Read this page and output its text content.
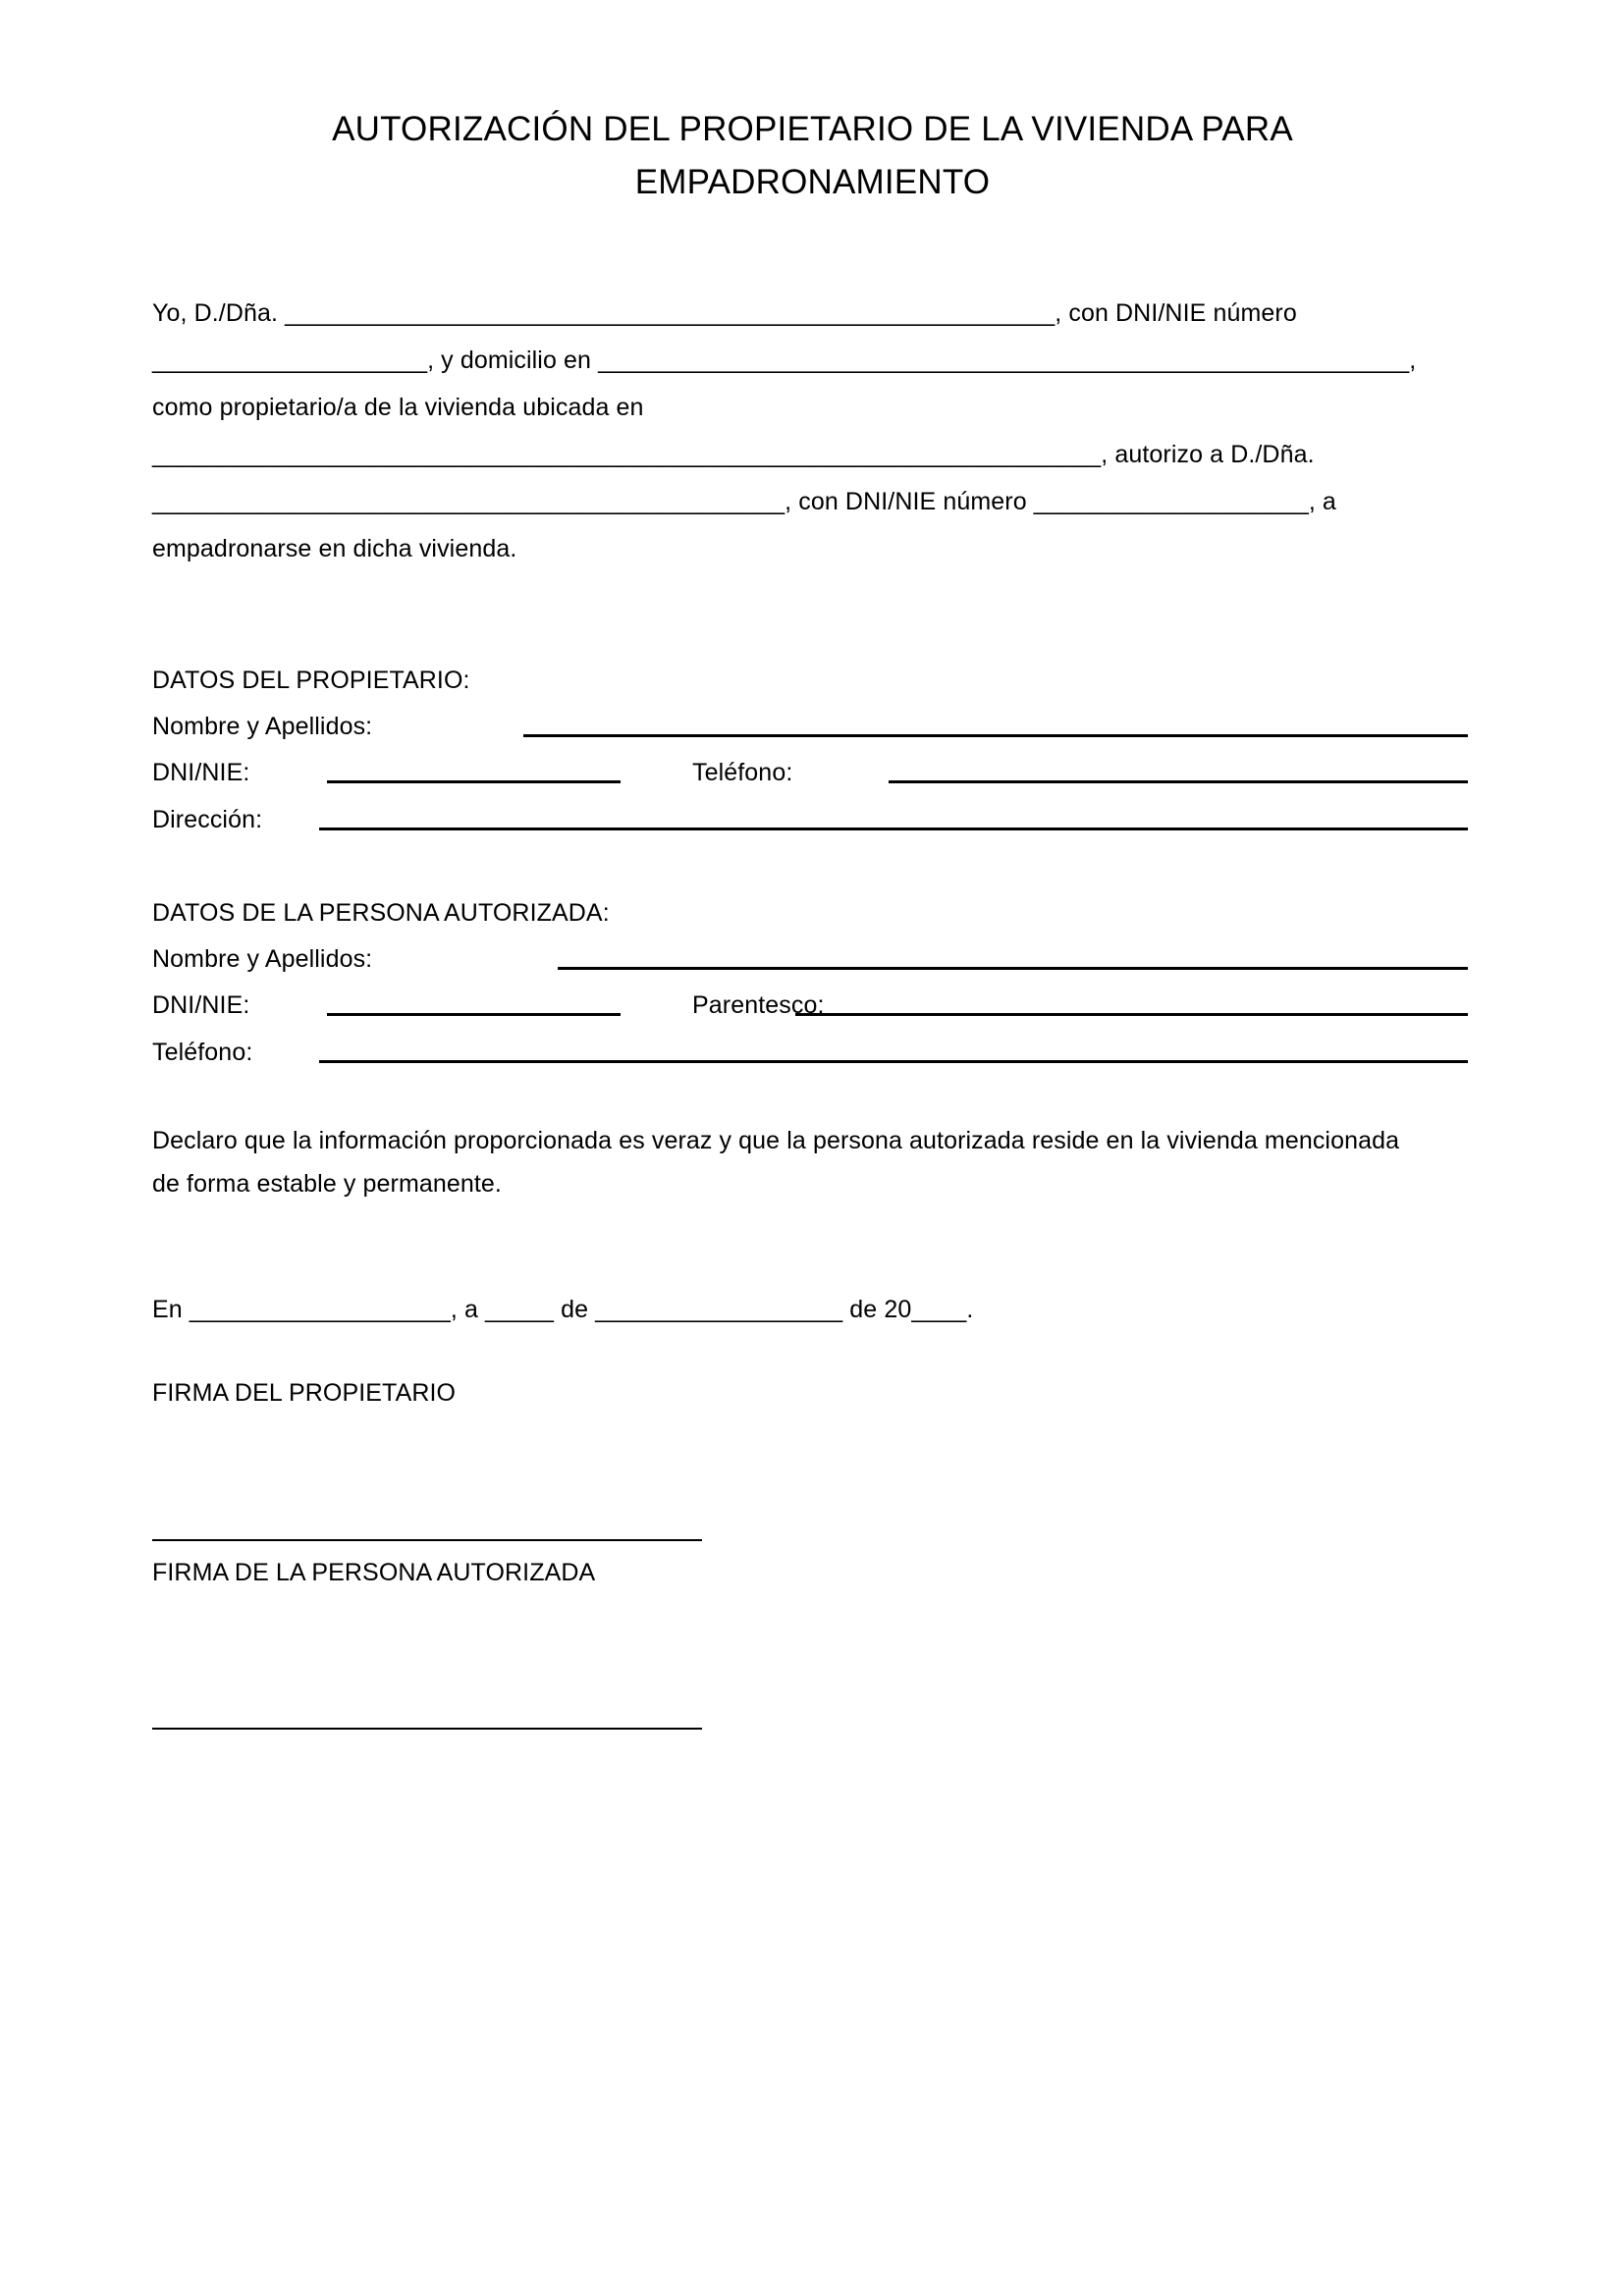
AUTORIZACIÓN DEL PROPIETARIO DE LA VIVIENDA PARA
EMPADRONAMIENTO
Yo, D./Dña. ________________________________________________________, con DNI/NIE número ____________________, y domicilio en ___________________________________________________________, como propietario/a de la vivienda ubicada en _____________________________________________________________________, autorizo a D./Dña. ______________________________________________, con DNI/NIE número ____________________, a empadronarse en dicha vivienda.
DATOS DEL PROPIETARIO:
Nombre y Apellidos:
DNI/NIE:	Teléfono:
Dirección:
DATOS DE LA PERSONA AUTORIZADA:
Nombre y Apellidos:
DNI/NIE:	Parentesco:
Teléfono:
Declaro que la información proporcionada es veraz y que la persona autorizada reside en la vivienda mencionada de forma estable y permanente.
En ___________________, a _____ de __________________ de 20____.
FIRMA DEL PROPIETARIO
FIRMA DE LA PERSONA AUTORIZADA
